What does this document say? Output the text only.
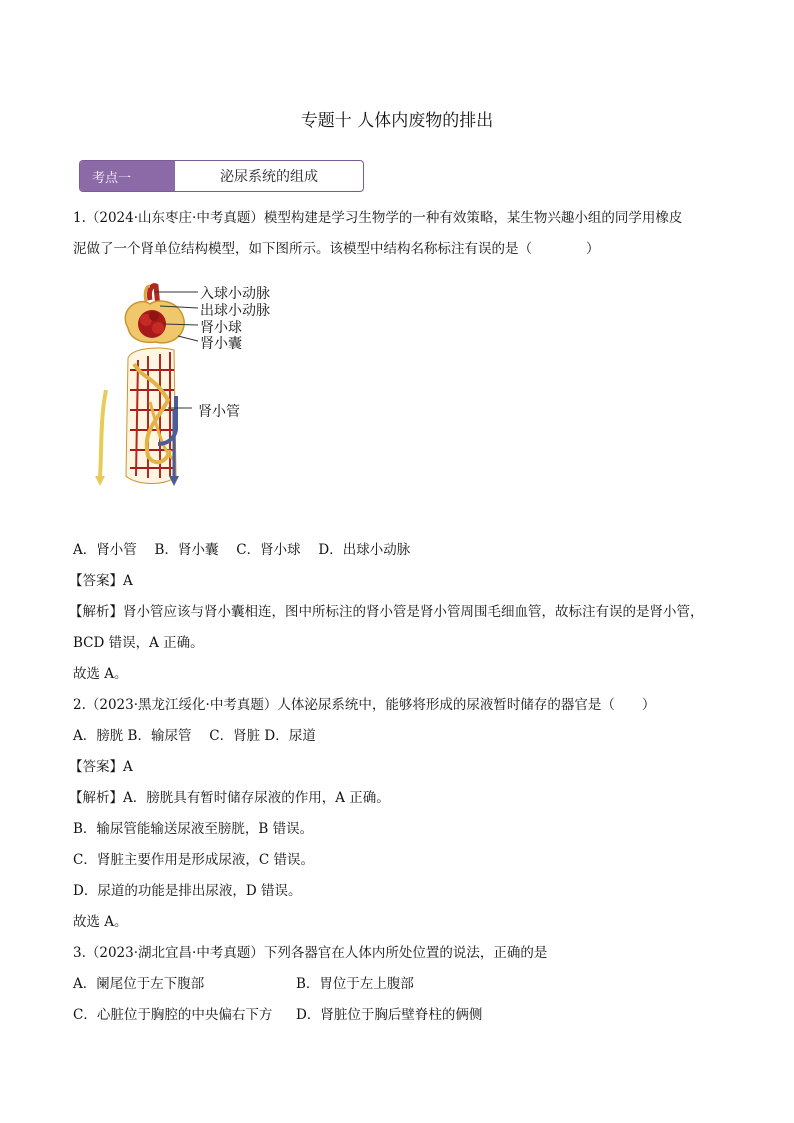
专题十 人体内废物的排出
考点一	泌尿系统的组成
1.（2024·山东枣庄·中考真题）模型构建是学习生物学的一种有效策略，某生物兴趣小组的同学用橡皮
泥做了一个肾单位结构模型，如下图所示。该模型中结构名称标注有误的是（　　　　）
入球小动脉
出球小动脉
肾小球
肾小囊
肾小管
A．肾小管　 B．肾小囊　 C．肾小球　 D．出球小动脉
【答案】A
【解析】肾小管应该与肾小囊相连，图中所标注的肾小管是肾小管周围毛细血管，故标注有误的是肾小管，
BCD 错误，A 正确。
故选 A。
2.（2023·黑龙江绥化·中考真题）人体泌尿系统中，能够将形成的尿液暂时储存的器官是（　　）
A．膀胱 B．输尿管　 C．肾脏 D．尿道
【答案】A
【解析】A．膀胱具有暂时储存尿液的作用，A 正确。
B．输尿管能输送尿液至膀胱，B 错误。
C．肾脏主要作用是形成尿液，C 错误。
D．尿道的功能是排出尿液，D 错误。
故选 A。
3.（2023·湖北宜昌·中考真题）下列各器官在人体内所处位置的说法，正确的是
A．阑尾位于左下腹部	B．胃位于左上腹部
C．心脏位于胸腔的中央偏右下方 D．肾脏位于胸后壁脊柱的俩侧
